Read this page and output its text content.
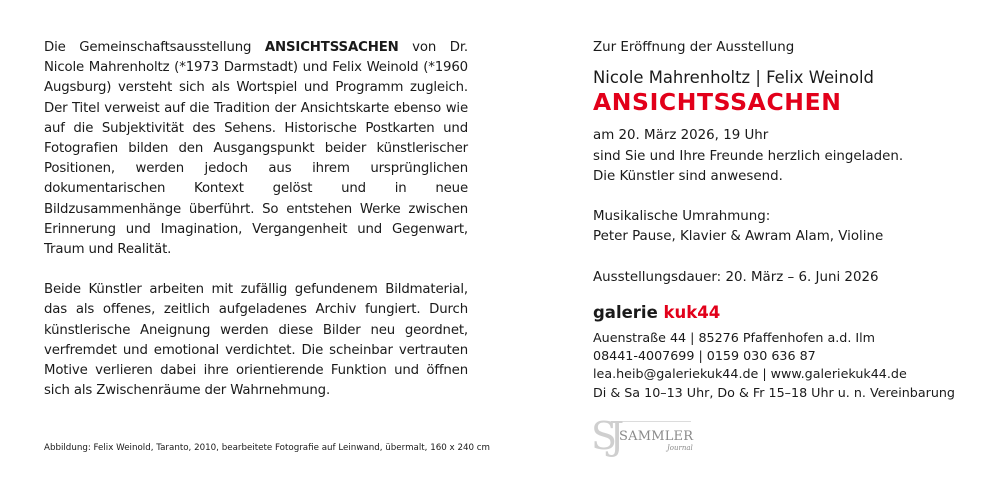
Die Gemeinschaftsausstellung ANSICHTSSACHEN von Dr. Nicole Mahrenholtz (*1973 Darmstadt) und Felix Weinold (*1960 Augsburg) versteht sich als Wortspiel und Programm zugleich. Der Titel verweist auf die Tradition der Ansichtskarte ebenso wie auf die Subjektivität des Sehens. Historische Postkarten und Fotografien bilden den Ausgangspunkt beider künstlerischer Positionen, werden jedoch aus ihrem ursprünglichen dokumentarischen Kontext gelöst und in neue Bildzusammenhänge überführt. So entstehen Werke zwischen Erinnerung und Imagination, Vergangenheit und Gegenwart, Traum und Realität.

Beide Künstler arbeiten mit zufällig gefundenem Bildmaterial, das als offenes, zeitlich aufgeladenes Archiv fungiert. Durch künstlerische Aneignung werden diese Bilder neu geordnet, verfremdet und emotional verdichtet. Die scheinbar vertrauten Motive verlieren dabei ihre orientierende Funktion und öffnen sich als Zwischenräume der Wahrnehmung.

Abbildung: Felix Weinold, Taranto, 2010, bearbeitete Fotografie auf Leinwand, übermalt, 160 x 240 cm

Zur Eröffnung der Ausstellung

Nicole Mahrenholtz | Felix Weinold

ANSICHTSSACHEN

am 20. März 2026, 19 Uhr

sind Sie und Ihre Freunde herzlich eingeladen.

Die Künstler sind anwesend.

Musikalische Umrahmung:

Peter Pause, Klavier & Awram Alam, Violine

Ausstellungsdauer: 20. März – 6. Juni 2026

galerie kuk44

Auenstraße 44 | 85276 Pfaffenhofen a.d. Ilm

08441-4007699 | 0159 030 636 87

lea.heib@galeriekuk44.de | www.galeriekuk44.de

Di & Sa 10–13 Uhr, Do & Fr 15–18 Uhr u. n. Vereinbarung

SJ SAMMLER
Journal
